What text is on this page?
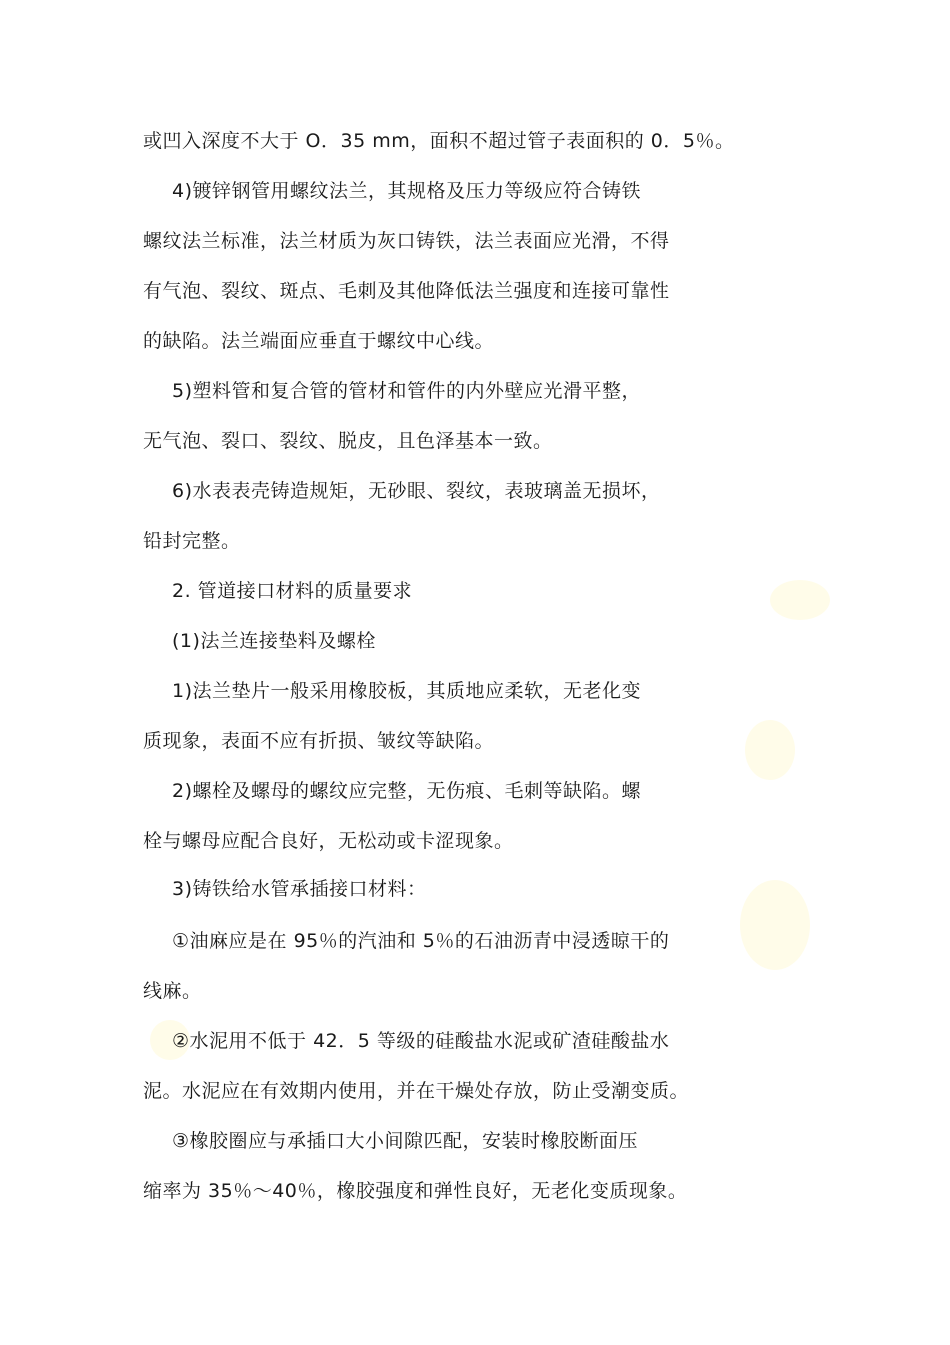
或凹入深度不大于 O．35 mm，面积不超过管子表面积的 0．5％。
4)镀锌钢管用螺纹法兰，其规格及压力等级应符合铸铁
螺纹法兰标准，法兰材质为灰口铸铁，法兰表面应光滑，不得
有气泡、裂纹、斑点、毛刺及其他降低法兰强度和连接可靠性
的缺陷。法兰端面应垂直于螺纹中心线。
5)塑料管和复合管的管材和管件的内外壁应光滑平整，
无气泡、裂口、裂纹、脱皮，且色泽基本一致。
6)水表表壳铸造规矩，无砂眼、裂纹，表玻璃盖无损坏，
铅封完整。
2. 管道接口材料的质量要求
(1)法兰连接垫料及螺栓
1)法兰垫片一般采用橡胶板，其质地应柔软，无老化变
质现象，表面不应有折损、皱纹等缺陷。
2)螺栓及螺母的螺纹应完整，无伤痕、毛刺等缺陷。螺
栓与螺母应配合良好，无松动或卡涩现象。
3)铸铁给水管承插接口材料：
①油麻应是在 95％的汽油和 5％的石油沥青中浸透晾干的
线麻。
②水泥用不低于 42．5 等级的硅酸盐水泥或矿渣硅酸盐水
泥。水泥应在有效期内使用，并在干燥处存放，防止受潮变质。
③橡胶圈应与承插口大小间隙匹配，安装时橡胶断面压
缩率为 35％～40％，橡胶强度和弹性良好，无老化变质现象。
